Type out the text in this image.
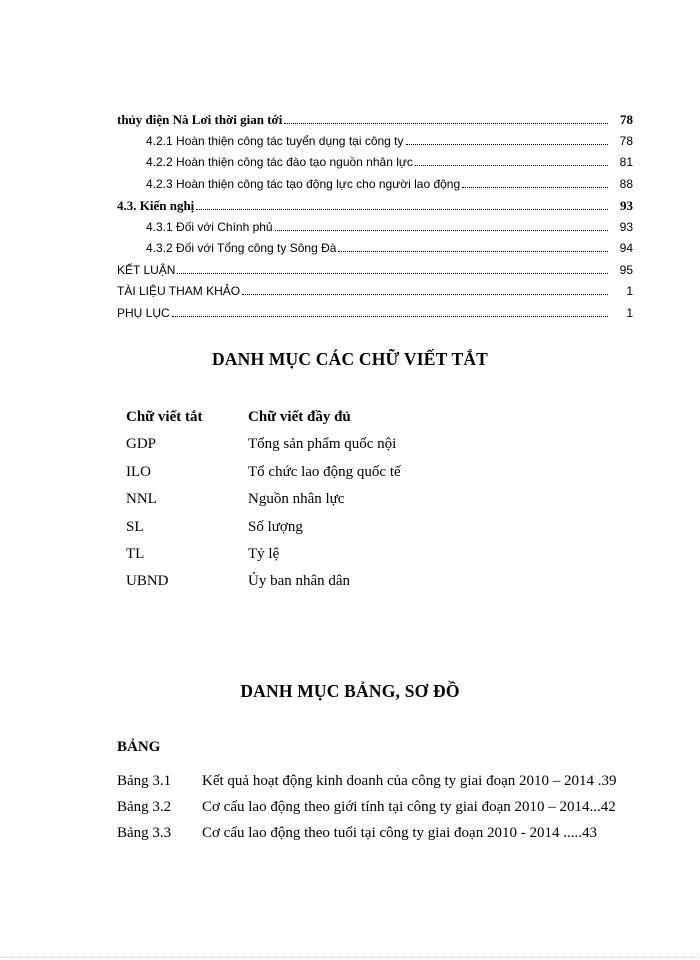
thủy điện Nà Lơi thời gian tới	78
4.2.1 Hoàn thiện công tác tuyển dụng tại công ty	78
4.2.2 Hoàn thiện công tác đào tạo nguồn nhân lực	81
4.2.3 Hoàn thiện công tác tạo động lực cho người lao động	88
4.3. Kiến nghị	93
4.3.1 Đối với Chính phủ	93
4.3.2 Đối với Tổng công ty Sông Đà	94
KẾT LUẬN	95
TÀI LIỆU THAM KHẢO	1
PHỤ LỤC	1
DANH MỤC CÁC CHỮ VIẾT TẮT
Chữ viết tắt	Chữ viết đầy đủ
GDP	Tổng sản phẩm quốc nội
ILO	Tổ chức lao động quốc tế
NNL	Nguồn nhân lực
SL	Số lượng
TL	Tỷ lệ
UBND	Ủy ban nhân dân
DANH MỤC BẢNG, SƠ ĐỒ
BẢNG
Bảng 3.1	Kết quả hoạt động kinh doanh của công ty giai đoạn 2010 – 2014 .39
Bảng 3.2	Cơ cấu lao động theo giới tính tại công ty giai đoạn 2010 – 2014...42
Bảng 3.3	Cơ cấu lao động theo tuổi tại công ty giai đoạn 2010 - 2014 .....43
